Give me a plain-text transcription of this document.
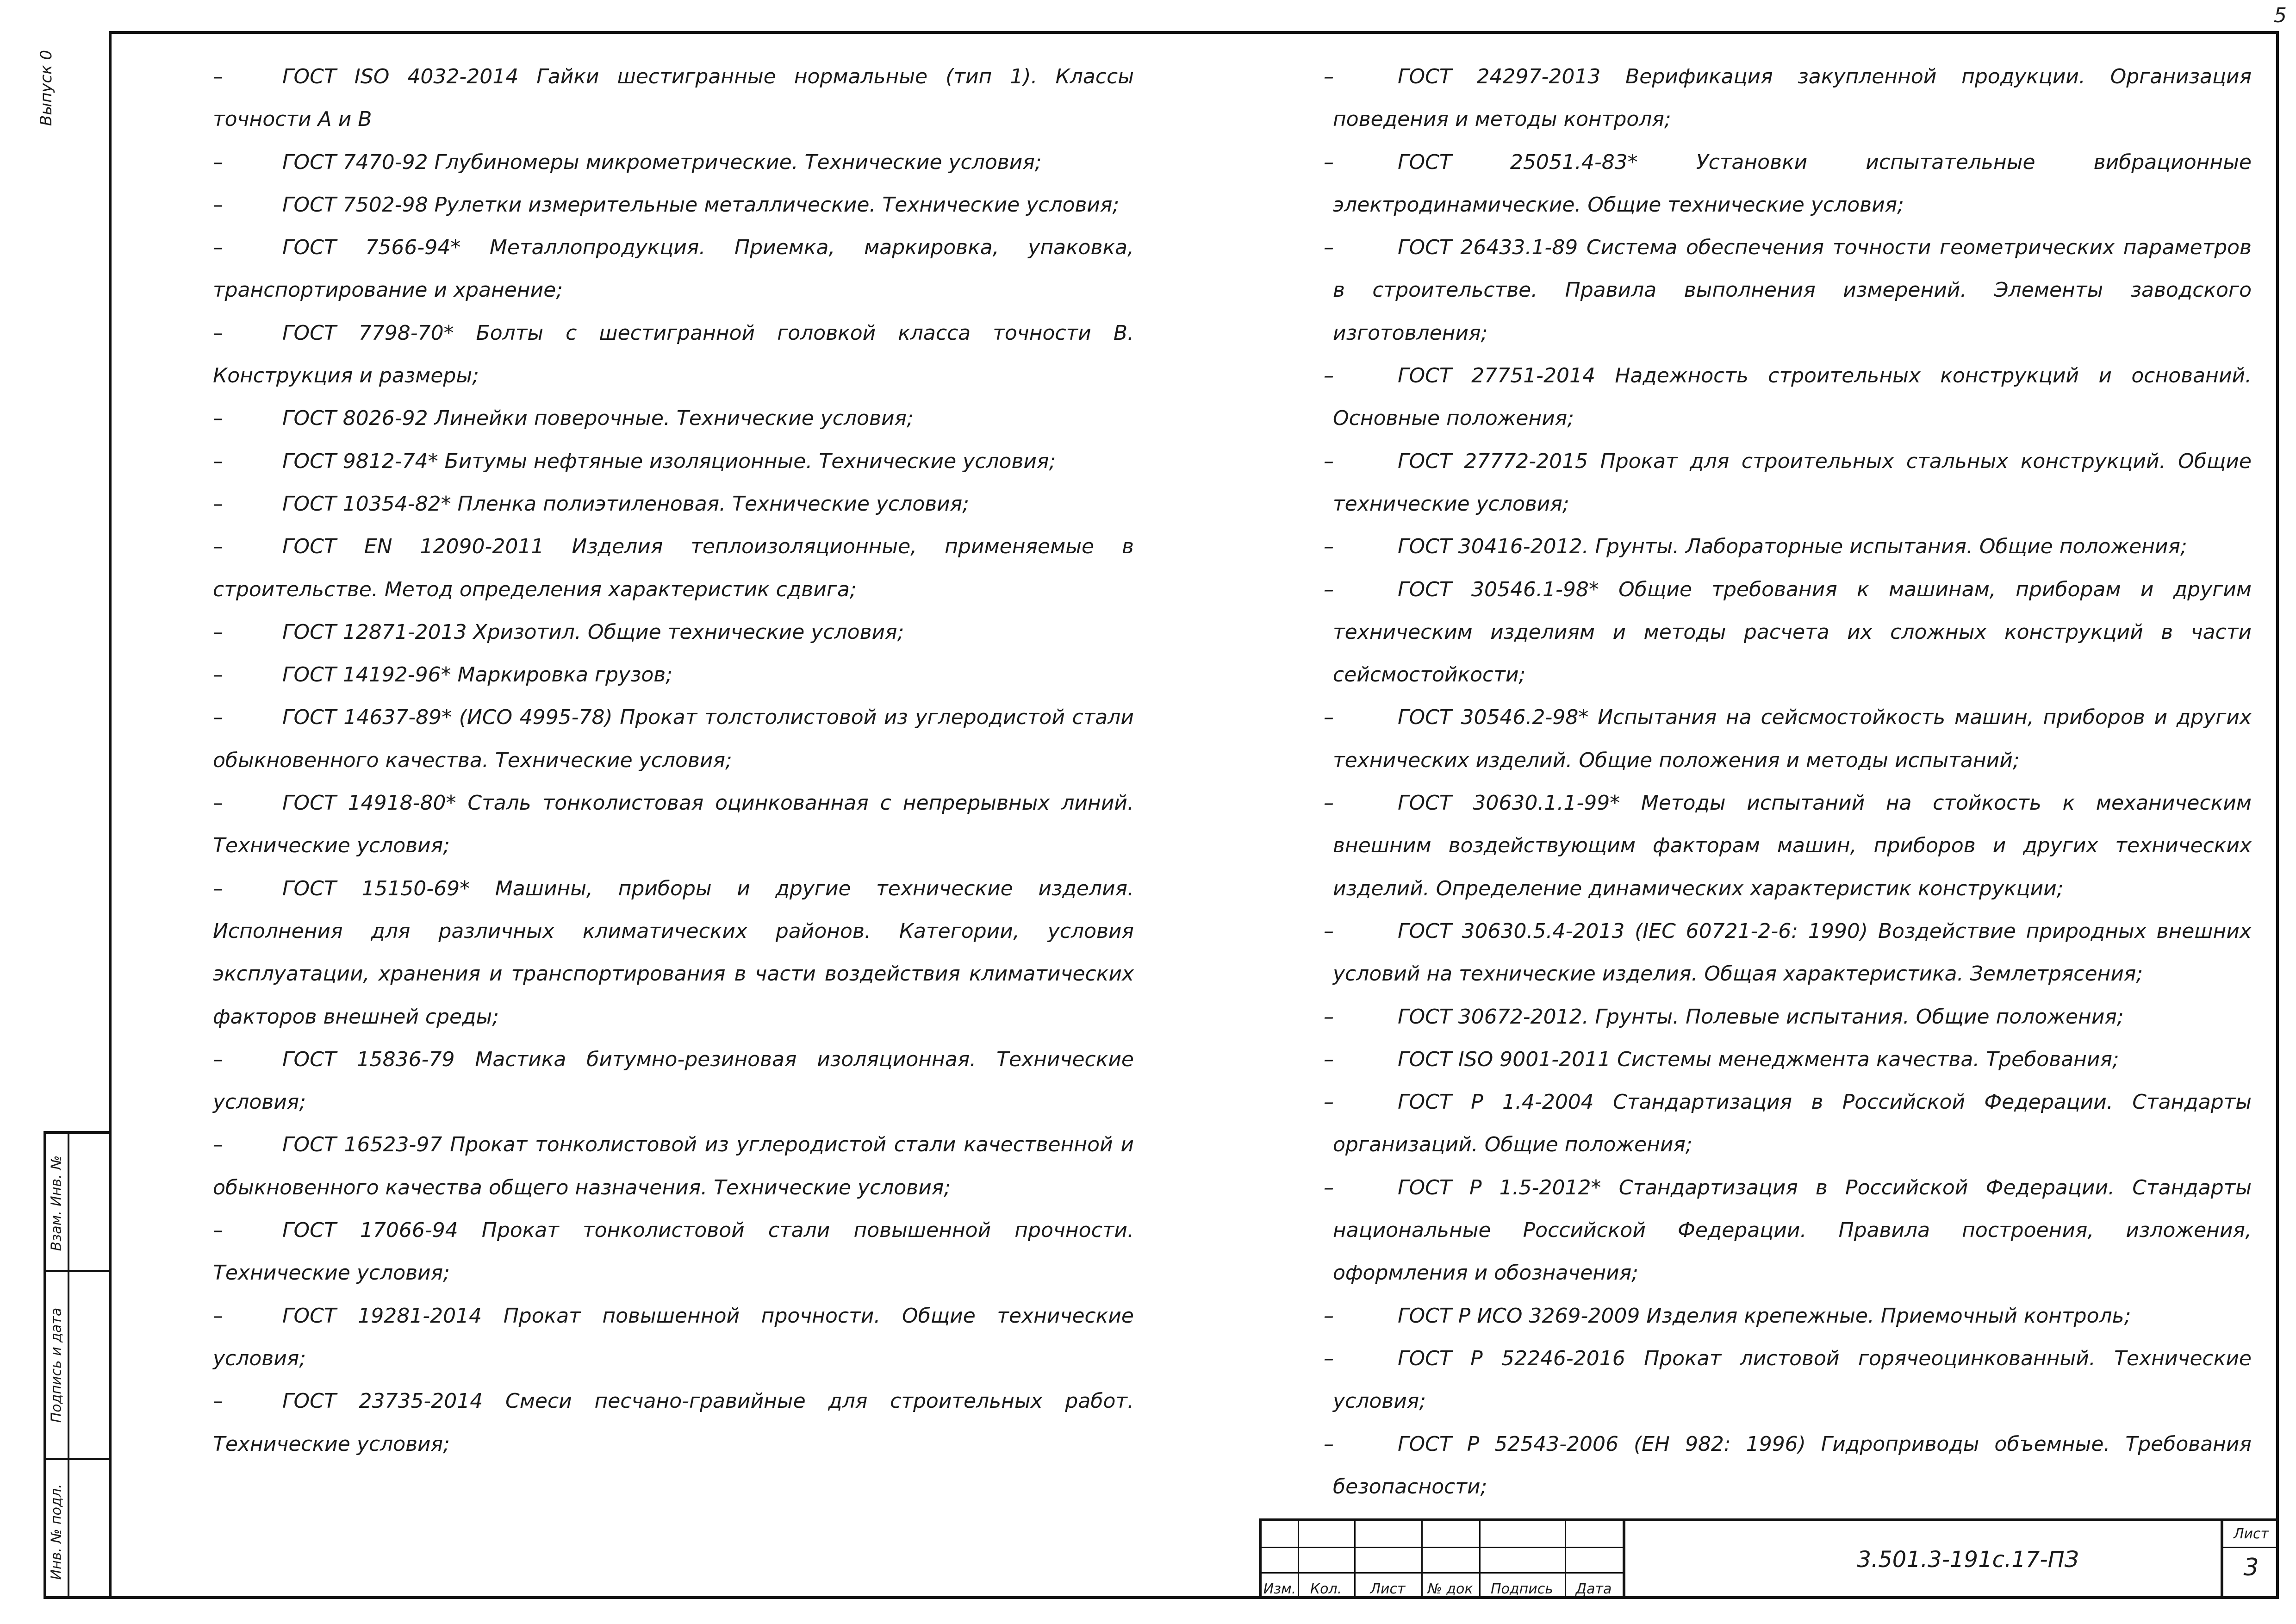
5
Выпуск 0
Взам. Инв. №
Подпись и дата
Инв. № подл.

–	ГОСТ ISO 4032-2014 Гайки шестигранные нормальные (тип 1). Классы точности А и В

–	ГОСТ 7470-92 Глубиномеры микрометрические. Технические условия;

–	ГОСТ 7502-98 Рулетки измерительные металлические. Технические условия;

–	ГОСТ 7566-94* Металлопродукция. Приемка, маркировка, упаковка, транспортирование и хранение;

–	ГОСТ 7798-70* Болты с шестигранной головкой класса точности В. Конструкция и размеры;

–	ГОСТ 8026-92 Линейки поверочные. Технические условия;

–	ГОСТ 9812-74* Битумы нефтяные изоляционные. Технические условия;

–	ГОСТ 10354-82* Пленка полиэтиленовая. Технические условия;

–	ГОСТ EN 12090-2011 Изделия теплоизоляционные, применяемые в строительстве. Метод определения характеристик сдвига;

–	ГОСТ 12871-2013 Хризотил. Общие технические условия;

–	ГОСТ 14192-96* Маркировка грузов;

–	ГОСТ 14637-89* (ИСО 4995-78) Прокат толстолистовой из углеродистой стали обыкновенного качества. Технические условия;

–	ГОСТ 14918-80* Сталь тонколистовая оцинкованная с непрерывных линий. Технические условия;

–	ГОСТ 15150-69* Машины, приборы и другие технические изделия. Исполнения для различных климатических районов. Категории, условия эксплуатации, хранения и транспортирования в части воздействия климатических факторов внешней среды;

–	ГОСТ 15836-79 Мастика битумно-резиновая изоляционная. Технические условия;

–	ГОСТ 16523-97 Прокат тонколистовой из углеродистой стали качественной и обыкновенного качества общего назначения. Технические условия;

–	ГОСТ 17066-94 Прокат тонколистовой стали повышенной прочности. Технические условия;

–	ГОСТ 19281-2014 Прокат повышенной прочности. Общие технические условия;

–	ГОСТ 23735-2014 Смеси песчано-гравийные для строительных работ. Технические условия;

–	ГОСТ 24297-2013 Верификация закупленной продукции. Организация поведения и методы контроля;

–	ГОСТ 25051.4-83* Установки испытательные вибрационные электродинамические. Общие технические условия;

–	ГОСТ 26433.1-89 Система обеспечения точности геометрических параметров в строительстве. Правила выполнения измерений. Элементы заводского изготовления;

–	ГОСТ 27751-2014 Надежность строительных конструкций и оснований. Основные положения;

–	ГОСТ 27772-2015 Прокат для строительных стальных конструкций. Общие технические условия;

–	ГОСТ 30416-2012. Грунты. Лабораторные испытания. Общие положения;

–	ГОСТ 30546.1-98* Общие требования к машинам, приборам и другим техническим изделиям и методы расчета их сложных конструкций в части сейсмостойкости;

–	ГОСТ 30546.2-98* Испытания на сейсмостойкость машин, приборов и других технических изделий. Общие положения и методы испытаний;

–	ГОСТ 30630.1.1-99* Методы испытаний на стойкость к механическим внешним воздействующим факторам машин, приборов и других технических изделий. Определение динамических характеристик конструкции;

–	ГОСТ 30630.5.4-2013 (IEC 60721-2-6: 1990) Воздействие природных внешних условий на технические изделия. Общая характеристика. Землетрясения;

–	ГОСТ 30672-2012. Грунты. Полевые испытания. Общие положения;

–	ГОСТ ISO 9001-2011 Системы менеджмента качества. Требования;

–	ГОСТ Р 1.4-2004 Стандартизация в Российской Федерации. Стандарты организаций. Общие положения;

–	ГОСТ Р 1.5-2012* Стандартизация в Российской Федерации. Стандарты национальные Российской Федерации. Правила построения, изложения, оформления и обозначения;

–	ГОСТ Р ИСО 3269-2009 Изделия крепежные. Приемочный контроль;

–	ГОСТ Р 52246-2016 Прокат листовой горячеоцинкованный. Технические условия;

–	ГОСТ Р 52543-2006 (ЕН 982: 1996) Гидроприводы объемные. Требования безопасности;

Изм.	Кол.	Лист	№ док	Подпись	Дата
3.501.3-191с.17-ПЗ
Лист
3
